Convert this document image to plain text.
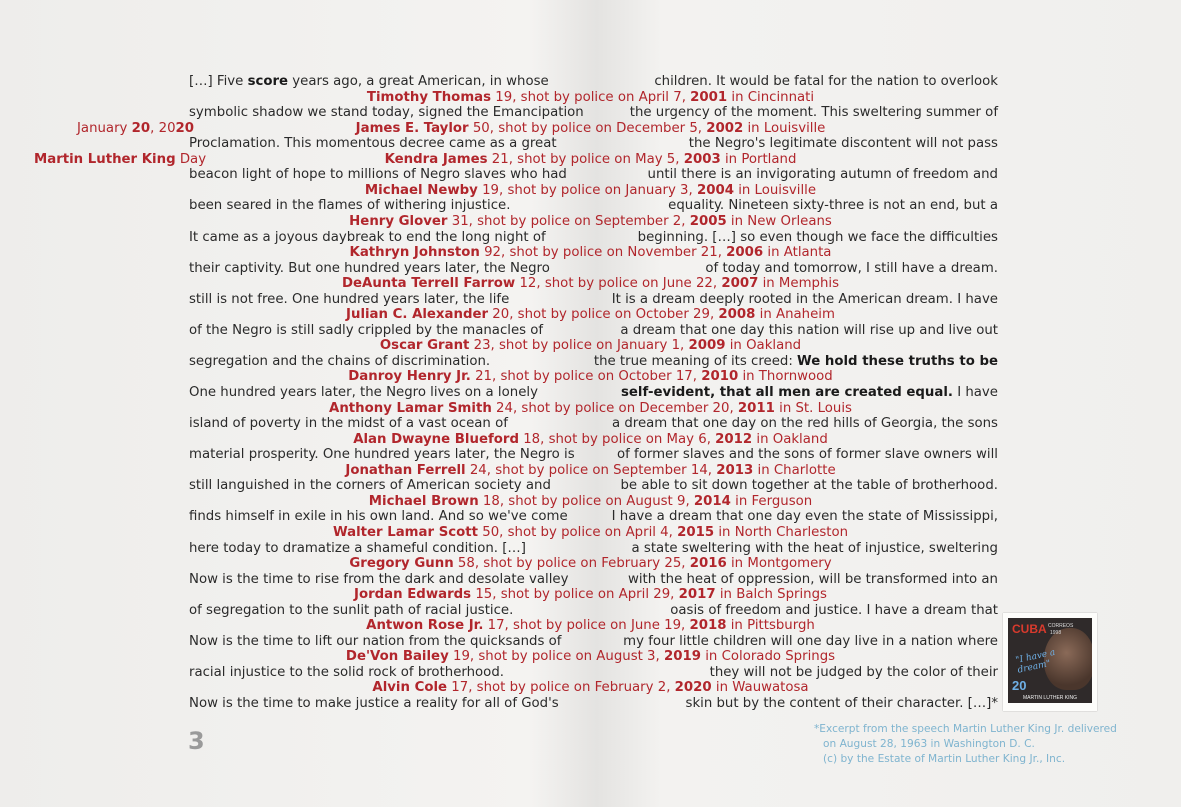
[…] Five score years ago, a great American, in whose	children. It would be fatal for the nation to overlook
Timothy Thomas 19, shot by police on April 7, 2001 in Cincinnati
symbolic shadow we stand today, signed the Emancipation	the urgency of the moment. This sweltering summer of
James E. Taylor 50, shot by police on December 5, 2002 in Louisville
Proclamation. This momentous decree came as a great	the Negro's legitimate discontent will not pass
Kendra James 21, shot by police on May 5, 2003 in Portland
beacon light of hope to millions of Negro slaves who had	until there is an invigorating autumn of freedom and
Michael Newby 19, shot by police on January 3, 2004 in Louisville
been seared in the flames of withering injustice.	equality. Nineteen sixty-three is not an end, but a
Henry Glover 31, shot by police on September 2, 2005 in New Orleans
It came as a joyous daybreak to end the long night of	beginning. […] so even though we face the difficulties
Kathryn Johnston 92, shot by police on November 21, 2006 in Atlanta
their captivity. But one hundred years later, the Negro	of today and tomorrow, I still have a dream.
DeAunta Terrell Farrow 12, shot by police on June 22, 2007 in Memphis
still is not free. One hundred years later, the life	It is a dream deeply rooted in the American dream. I have
Julian C. Alexander 20, shot by police on October 29, 2008 in Anaheim
of the Negro is still sadly crippled by the manacles of	a dream that one day this nation will rise up and live out
Oscar Grant 23, shot by police on January 1, 2009 in Oakland
segregation and the chains of discrimination.	the true meaning of its creed: We hold these truths to be
Danroy Henry Jr. 21, shot by police on October 17, 2010 in Thornwood
One hundred years later, the Negro lives on a lonely	self-evident, that all men are created equal. I have
Anthony Lamar Smith 24, shot by police on December 20, 2011 in St. Louis
island of poverty in the midst of a vast ocean of	a dream that one day on the red hills of Georgia, the sons
Alan Dwayne Blueford 18, shot by police on May 6, 2012 in Oakland
material prosperity. One hundred years later, the Negro is	of former slaves and the sons of former slave owners will
Jonathan Ferrell 24, shot by police on September 14, 2013 in Charlotte
still languished in the corners of American society and	be able to sit down together at the table of brotherhood.
Michael Brown 18, shot by police on August 9, 2014 in Ferguson
finds himself in exile in his own land. And so we've come	I have a dream that one day even the state of Mississippi,
Walter Lamar Scott 50, shot by police on April 4, 2015 in North Charleston
here today to dramatize a shameful condition. […]	a state sweltering with the heat of injustice, sweltering
Gregory Gunn 58, shot by police on February 25, 2016 in Montgomery
Now is the time to rise from the dark and desolate valley	with the heat of oppression, will be transformed into an
Jordan Edwards 15, shot by police on April 29, 2017 in Balch Springs
of segregation to the sunlit path of racial justice.	oasis of freedom and justice. I have a dream that
Antwon Rose Jr. 17, shot by police on June 19, 2018 in Pittsburgh
Now is the time to lift our nation from the quicksands of	my four little children will one day live in a nation where
De'Von Bailey 19, shot by police on August 3, 2019 in Colorado Springs
racial injustice to the solid rock of brotherhood.	they will not be judged by the color of their
Alvin Cole 17, shot by police on February 2, 2020 in Wauwatosa
Now is the time to make justice a reality for all of God's	skin but by the content of their character. […]*
January 20, 2020
Martin Luther King Day
3
CUBA CORREOS
1998
"I have a dream"
20
MARTIN LUTHER KING
*Excerpt from the speech Martin Luther King Jr. delivered
on August 28, 1963 in Washington D. C.
(c) by the Estate of Martin Luther King Jr., Inc.
